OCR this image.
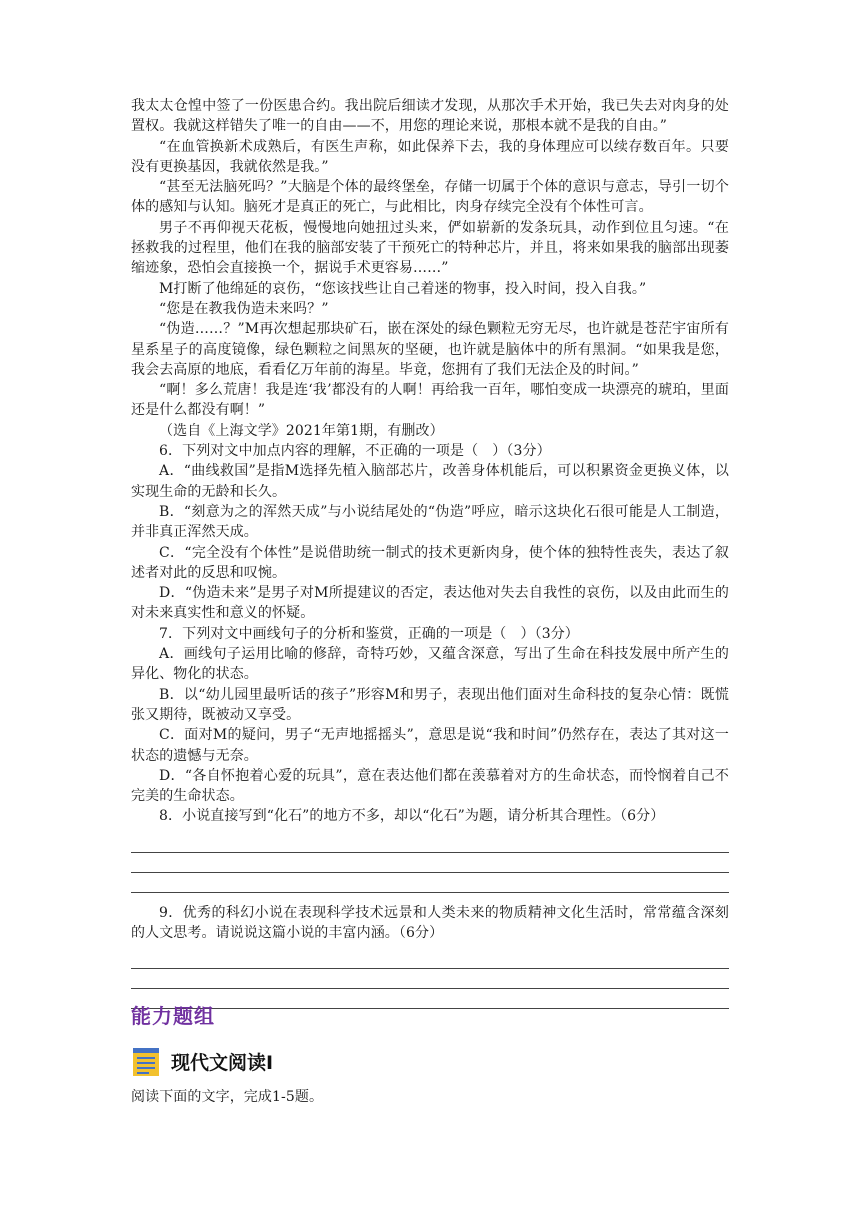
我太太仓惶中签了一份医患合约。我出院后细读才发现，从那次手术开始，我已失去对肉身的处置权。我就这样错失了唯一的自由——不，用您的理论来说，那根本就不是我的自由。”

“在血管换新术成熟后，有医生声称，如此保养下去，我的身体理应可以续存数百年。只要没有更换基因，我就依然是我。”

“甚至无法脑死吗？”大脑是个体的最终堡垒，存储一切属于个体的意识与意志，导引一切个体的感知与认知。脑死才是真正的死亡，与此相比，肉身存续完全没有个体性可言。

男子不再仰视天花板，慢慢地向她扭过头来，俨如崭新的发条玩具，动作到位且匀速。“在拯救我的过程里，他们在我的脑部安装了干预死亡的特种芯片，并且，将来如果我的脑部出现萎缩迹象，恐怕会直接换一个，据说手术更容易……”

M打断了他绵延的哀伤，“您该找些让自己着迷的物事，投入时间，投入自我。”

“您是在教我伪造未来吗？”

“伪造……？”M再次想起那块矿石，嵌在深处的绿色颗粒无穷无尽，也许就是苍茫宇宙所有星系星子的高度镜像，绿色颗粒之间黑灰的坚硬，也许就是脑体中的所有黑洞。“如果我是您，我会去高原的地底，看看亿万年前的海星。毕竟，您拥有了我们无法企及的时间。”

“啊！多么荒唐！我是连‘我’都没有的人啊！再给我一百年，哪怕变成一块漂亮的琥珀，里面还是什么都没有啊！”

（选自《上海文学》2021年第1期，有删改）

6．下列对文中加点内容的理解，不正确的一项是（　）（3分）

A．“曲线救国”是指M选择先植入脑部芯片，改善身体机能后，可以积累资金更换义体，以实现生命的无龄和长久。

B．“刻意为之的浑然天成”与小说结尾处的“伪造”呼应，暗示这块化石很可能是人工制造，并非真正浑然天成。

C．“完全没有个体性”是说借助统一制式的技术更新肉身，使个体的独特性丧失，表达了叙述者对此的反思和叹惋。

D．“伪造未来”是男子对M所提建议的否定，表达他对失去自我性的哀伤，以及由此而生的对未来真实性和意义的怀疑。

7．下列对文中画线句子的分析和鉴赏，正确的一项是（　）（3分）

A．画线句子运用比喻的修辞，奇特巧妙，又蕴含深意，写出了生命在科技发展中所产生的异化、物化的状态。

B．以“幼儿园里最听话的孩子”形容M和男子，表现出他们面对生命科技的复杂心情：既慌张又期待，既被动又享受。

C．面对M的疑问，男子“无声地摇摇头”，意思是说“我和时间”仍然存在，表达了其对这一状态的遗憾与无奈。

D．“各自怀抱着心爱的玩具”，意在表达他们都在羡慕着对方的生命状态，而怜悯着自己不完美的生命状态。

8．小说直接写到“化石”的地方不多，却以“化石”为题，请分析其合理性。（6分）

9．优秀的科幻小说在表现科学技术远景和人类未来的物质精神文化生活时，常常蕴含深刻的人文思考。请说说这篇小说的丰富内涵。（6分）

能力题组

现代文阅读Ⅰ

阅读下面的文字，完成1-5题。
